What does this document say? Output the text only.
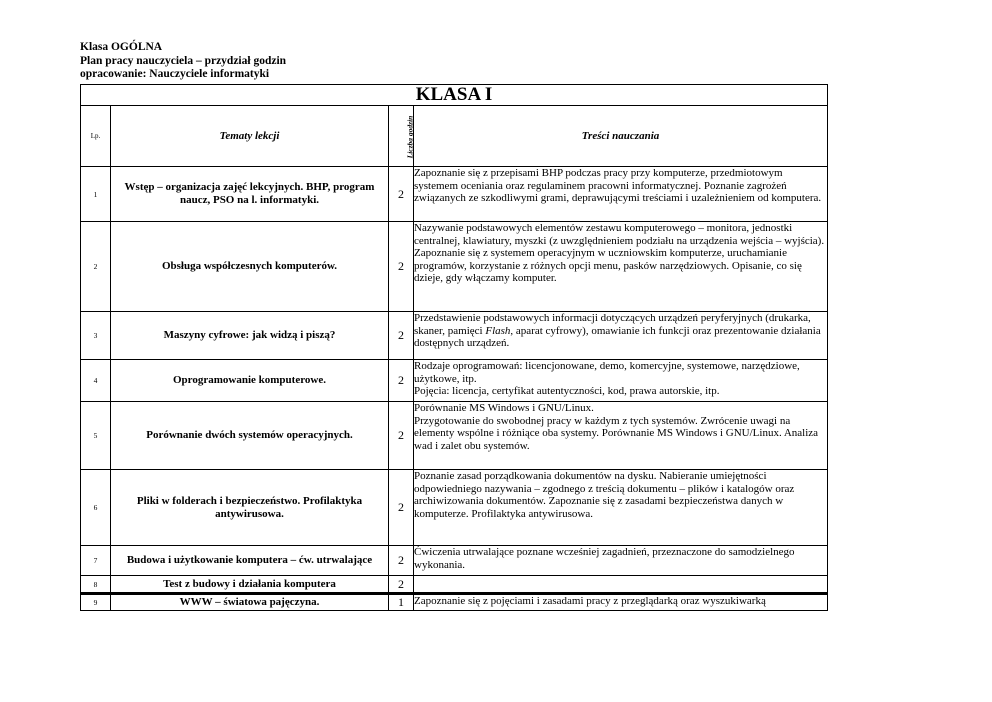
Klasa OGÓLNA
Plan pracy nauczyciela – przydział godzin
opracowanie: Nauczyciele informatyki
KLASA I			
Lp.	Tematy lekcji	Liczba godzin	Treści nauczania
1	Wstęp – organizacja zajęć lekcyjnych. BHP, program naucz, PSO na l. informatyki.	2	Zapoznanie się z przepisami BHP podczas pracy przy komputerze, przedmiotowym systemem oceniania oraz regulaminem pracowni informatycznej. Poznanie zagrożeń związanych ze szkodliwymi grami, deprawującymi treściami i uzależnieniem od komputera.
2	Obsługa współczesnych komputerów.	2	Nazywanie podstawowych elementów zestawu komputerowego – monitora, jednostki centralnej, klawiatury, myszki (z uwzględnieniem podziału na urządzenia wejścia – wyjścia). Zapoznanie się z systemem operacyjnym w uczniowskim komputerze, uruchamianie programów, korzystanie z różnych opcji menu, pasków narzędziowych. Opisanie, co się dzieje, gdy włączamy komputer.
3	Maszyny cyfrowe: jak widzą i piszą?	2	Przedstawienie podstawowych informacji dotyczących urządzeń peryferyjnych (drukarka, skaner, pamięci Flash, aparat cyfrowy), omawianie ich funkcji oraz prezentowanie działania dostępnych urządzeń.
4	Oprogramowanie komputerowe.	2	Rodzaje oprogramowań: licencjonowane, demo, komercyjne, systemowe, narzędziowe, użytkowe, itp.
Pojęcia: licencja, certyfikat autentyczności, kod, prawa autorskie, itp.

5	Porównanie dwóch systemów operacyjnych.	2	Porównanie MS Windows i GNU/Linux.
Przygotowanie do swobodnej pracy w każdym z tych systemów. Zwrócenie uwagi na elementy wspólne i różniące oba systemy. Porównanie MS Windows i GNU/Linux. Analiza wad i zalet obu systemów.

6	Pliki w folderach i bezpieczeństwo. Profilaktyka antywirusowa.	2	Poznanie zasad porządkowania dokumentów na dysku. Nabieranie umiejętności odpowiedniego nazywania – zgodnego z treścią dokumentu – plików i katalogów oraz archiwizowania dokumentów. Zapoznanie się z zasadami bezpieczeństwa danych w komputerze. Profilaktyka antywirusowa.
7	Budowa i użytkowanie komputera – ćw. utrwalające	2	Ćwiczenia utrwalające poznane wcześniej zagadnień, przeznaczone do samodzielnego wykonania.
8	Test z budowy i działania komputera	2	
9	WWW – światowa pajęczyna.	1	Zapoznanie się z pojęciami i zasadami pracy z przeglądarką oraz wyszukiwarką
